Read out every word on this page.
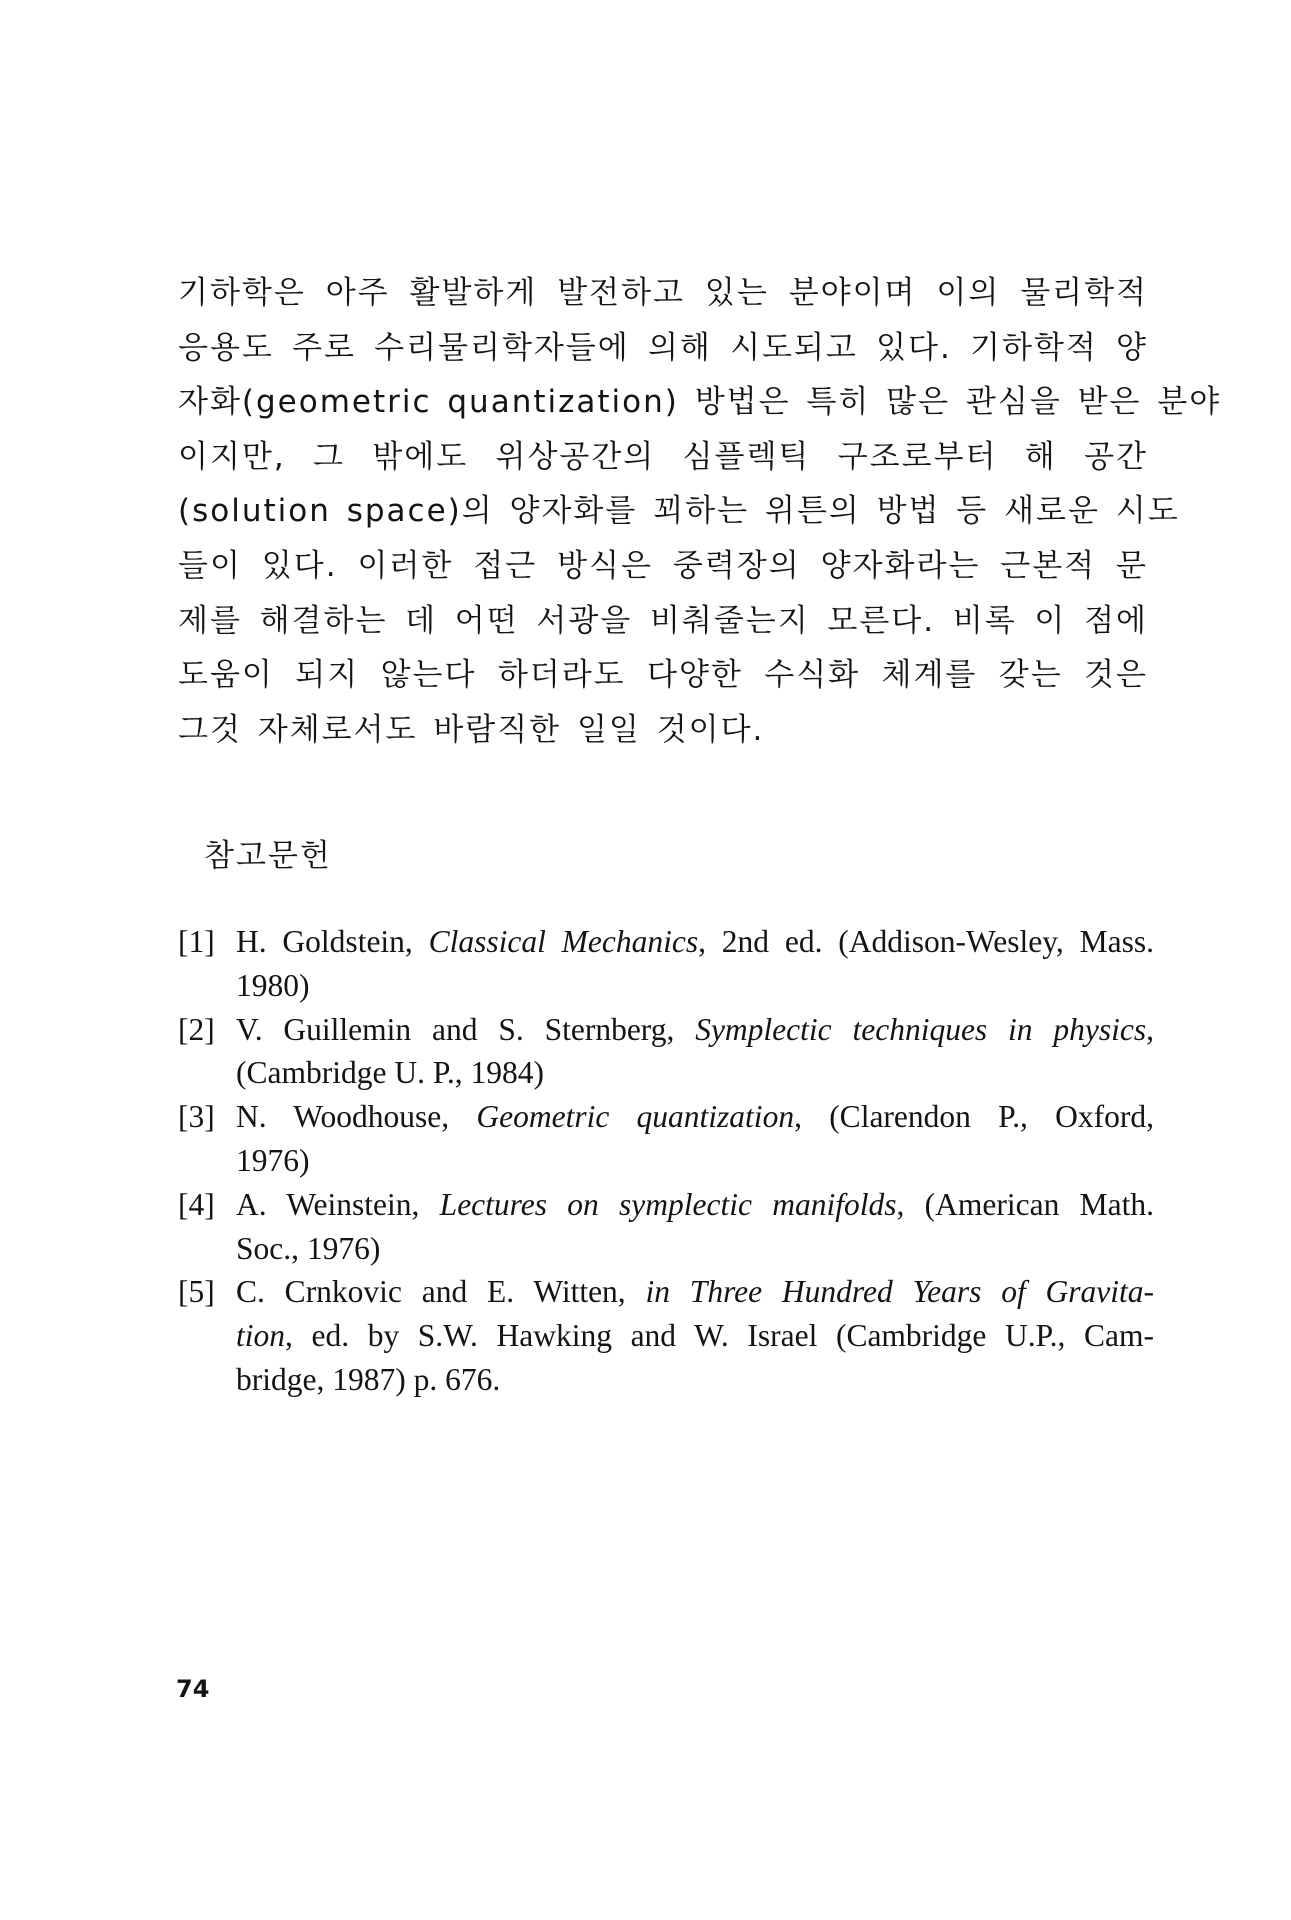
기하학은 아주 활발하게 발전하고 있는 분야이며 이의 물리학적
응용도 주로 수리물리학자들에 의해 시도되고 있다. 기하학적 양
자화(geometric quantization) 방법은 특히 많은 관심을 받은 분야
이지만, 그 밖에도 위상공간의 심플렉틱 구조로부터 해 공간
(solution space)의 양자화를 꾀하는 위튼의 방법 등 새로운 시도
들이 있다. 이러한 접근 방식은 중력장의 양자화라는 근본적 문
제를 해결하는 데 어떤 서광을 비춰줄는지 모른다. 비록 이 점에
도움이 되지 않는다 하더라도 다양한 수식화 체계를 갖는 것은
그것 자체로서도 바람직한 일일 것이다.
참고문헌
[1] H. Goldstein, Classical Mechanics, 2nd ed. (Addison-Wesley, Mass.
1980)
[2] V. Guillemin and S. Sternberg, Symplectic techniques in physics,
(Cambridge U. P., 1984)
[3] N. Woodhouse, Geometric quantization, (Clarendon P., Oxford,
1976)
[4] A. Weinstein, Lectures on symplectic manifolds, (American Math.
Soc., 1976)
[5] C. Crnkovic and E. Witten, in Three Hundred Years of Gravita-
tion, ed. by S.W. Hawking and W. Israel (Cambridge U.P., Cam-
bridge, 1987) p. 676.
74
